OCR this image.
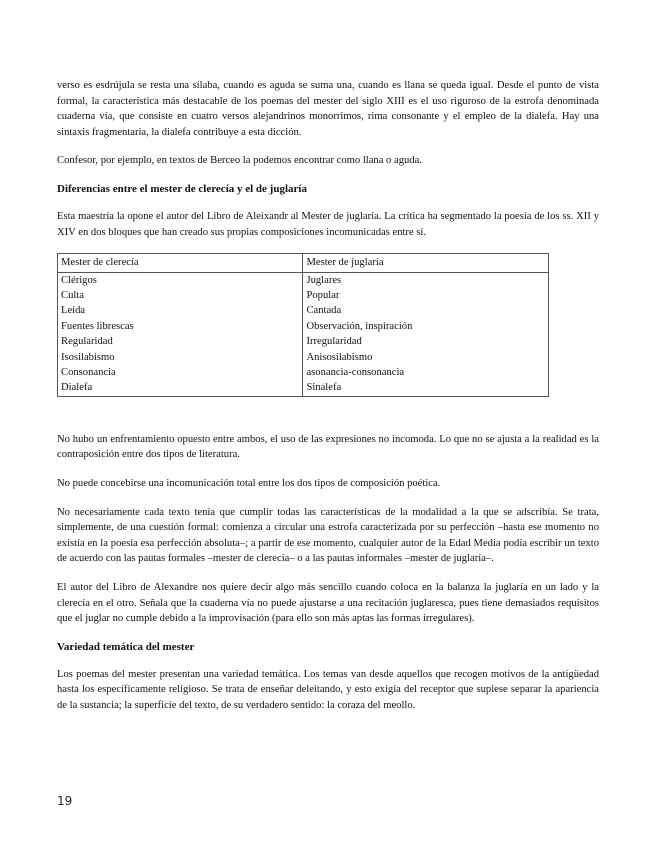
verso es esdrújula se resta una sílaba, cuando es aguda se suma una, cuando es llana se queda igual. Desde el punto de vista formal, la característica más destacable de los poemas del mester del siglo XIII es el uso riguroso de la estrofa denominada cuaderna vía, que consiste en cuatro versos alejandrinos monorrimos, rima consonante y el empleo de la dialefa. Hay una sintaxis fragmentaria, la dialefa contribuye a esta dicción.

Confesor, por ejemplo, en textos de Berceo la podemos encontrar como llana o aguda.

Diferencias entre el mester de clerecía y el de juglaría

Esta maestría la opone el autor del Libro de Aleixandr al Mester de juglaría. La crítica ha segmentado la poesía de los ss. XII y XIV en dos bloques que han creado sus propias composiciones incomunicadas entre sí.

Mester de clerecía	Mester de juglaría
Clérigos	Juglares
Culta	Popular
Leída	Cantada
Fuentes librescas	Observación, inspiración
Regularidad	Irregularidad
Isosilabismo	Anisosilabismo
Consonancia	asonancia-consonancia
Dialefa	Sinalefa

No hubo un enfrentamiento opuesto entre ambos, el uso de las expresiones no incomoda. Lo que no se ajusta a la realidad es la contraposición entre dos tipos de literatura.

No puede concebirse una incomunicación total entre los dos tipos de composición poética.

No necesariamente cada texto tenía que cumplir todas las características de la modalidad a la que se adscribía. Se trata, simplemente, de una cuestión formal: comienza a circular una estrofa caracterizada por su perfección –hasta ese momento no existía en la poesía esa perfección absoluta–; a partir de ese momento, cualquier autor de la Edad Media podía escribir un texto de acuerdo con las pautas formales –mester de clerecía– o a las pautas informales –mester de juglaría–.

El autor del Libro de Alexandre nos quiere decir algo más sencillo cuando coloca en la balanza la juglaría en un lado y la clerecía en el otro. Señala que la cuaderna vía no puede ajustarse a una recitación juglaresca, pues tiene demasiados requisitos que el juglar no cumple debido a la improvisación (para ello son más aptas las formas irregulares).

Variedad temática del mester

Los poemas del mester presentan una variedad temática. Los temas van desde aquellos que recogen motivos de la antigüedad hasta los específicamente religioso. Se trata de enseñar deleitando, y esto exigía del receptor que supiese separar la apariencia de la sustancia; la superficie del texto, de su verdadero sentido: la coraza del meollo.

19
